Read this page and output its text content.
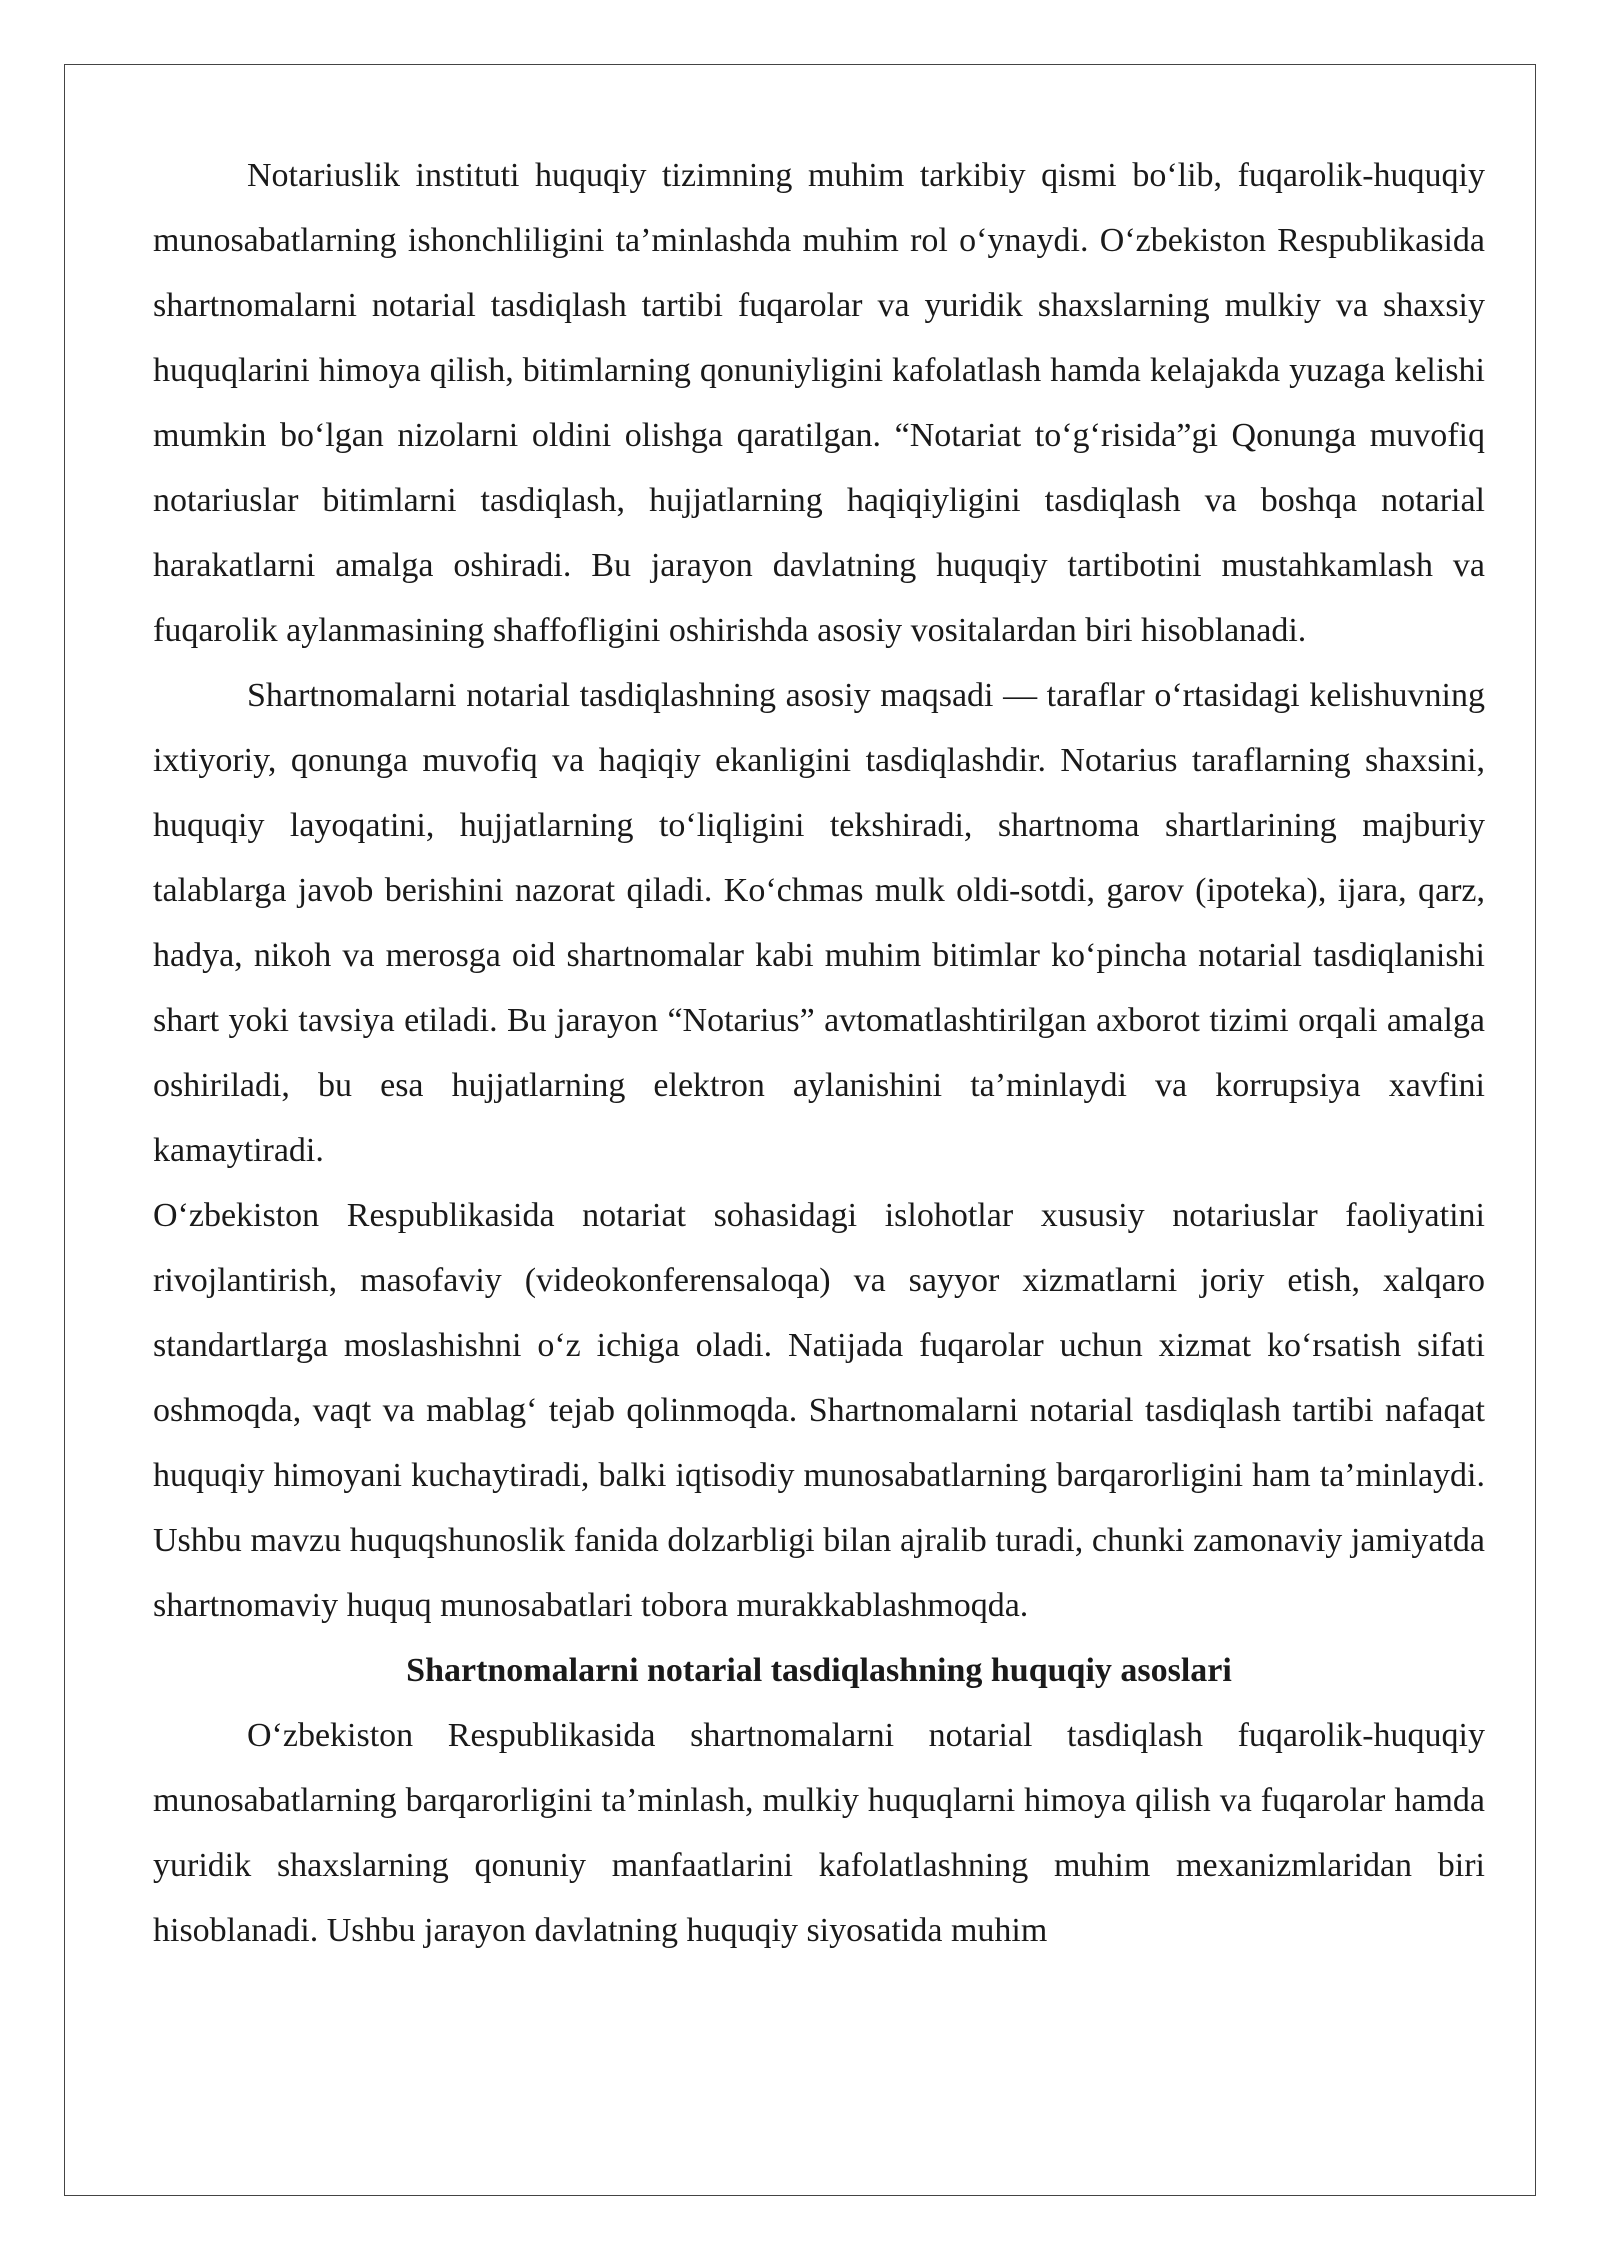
Notariuslik instituti huquqiy tizimning muhim tarkibiy qismi bo‘lib, fuqarolik-huquqiy munosabatlarning ishonchliligini ta’minlashda muhim rol o‘ynaydi. O‘zbekiston Respublikasida shartnomalarni notarial tasdiqlash tartibi fuqarolar va yuridik shaxslarning mulkiy va shaxsiy huquqlarini himoya qilish, bitimlarning qonuniyligini kafolatlash hamda kelajakda yuzaga kelishi mumkin bo‘lgan nizolarni oldini olishga qaratilgan. “Notariat to‘g‘risida”gi Qonunga muvofiq notariuslar bitimlarni tasdiqlash, hujjatlarning haqiqiyligini tasdiqlash va boshqa notarial harakatlarni amalga oshiradi. Bu jarayon davlatning huquqiy tartibotini mustahkamlash va fuqarolik aylanmasining shaffofligini oshirishda asosiy vositalardan biri hisoblanadi.

Shartnomalarni notarial tasdiqlashning asosiy maqsadi — taraflar o‘rtasidagi kelishuvning ixtiyoriy, qonunga muvofiq va haqiqiy ekanligini tasdiqlashdir. Notarius taraflarning shaxsini, huquqiy layoqatini, hujjatlarning to‘liqligini tekshiradi, shartnoma shartlarining majburiy talablarga javob berishini nazorat qiladi. Ko‘chmas mulk oldi-sotdi, garov (ipoteka), ijara, qarz, hadya, nikoh va merosga oid shartnomalar kabi muhim bitimlar ko‘pincha notarial tasdiqlanishi shart yoki tavsiya etiladi. Bu jarayon “Notarius” avtomatlashtirilgan axborot tizimi orqali amalga oshiriladi, bu esa hujjatlarning elektron aylanishini ta’minlaydi va korrupsiya xavfini kamaytiradi.

O‘zbekiston Respublikasida notariat sohasidagi islohotlar xususiy notariuslar faoliyatini rivojlantirish, masofaviy (videokonferensaloqa) va sayyor xizmatlarni joriy etish, xalqaro standartlarga moslashishni o‘z ichiga oladi. Natijada fuqarolar uchun xizmat ko‘rsatish sifati oshmoqda, vaqt va mablag‘ tejab qolinmoqda. Shartnomalarni notarial tasdiqlash tartibi nafaqat huquqiy himoyani kuchaytiradi, balki iqtisodiy munosabatlarning barqarorligini ham ta’minlaydi. Ushbu mavzu huquqshunoslik fanida dolzarbligi bilan ajralib turadi, chunki zamonaviy jamiyatda shartnomaviy huquq munosabatlari tobora murakkablashmoqda.

Shartnomalarni notarial tasdiqlashning huquqiy asoslari

O‘zbekiston Respublikasida shartnomalarni notarial tasdiqlash fuqarolik-huquqiy munosabatlarning barqarorligini ta’minlash, mulkiy huquqlarni himoya qilish va fuqarolar hamda yuridik shaxslarning qonuniy manfaatlarini kafolatlashning muhim mexanizmlaridan biri hisoblanadi. Ushbu jarayon davlatning huquqiy siyosatida muhim
